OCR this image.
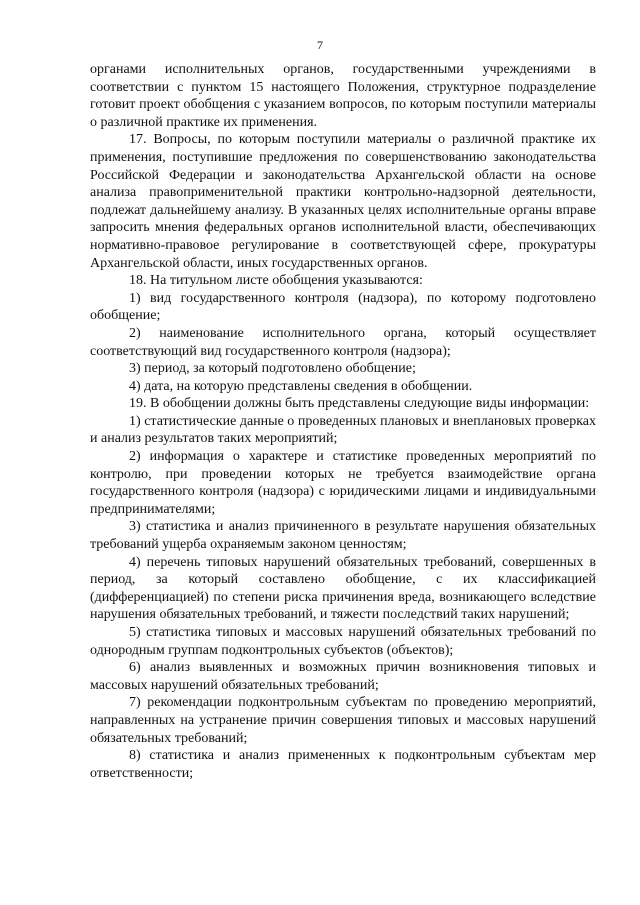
7

органами исполнительных органов, государственными учреждениями в соответствии с пунктом 15 настоящего Положения, структурное подразделение готовит проект обобщения с указанием вопросов, по которым поступили материалы о различной практике их применения.

17. Вопросы, по которым поступили материалы о различной практике их применения, поступившие предложения по совершенствованию законодательства Российской Федерации и законодательства Архангельской области на основе анализа правоприменительной практики контрольно-надзорной деятельности, подлежат дальнейшему анализу. В указанных целях исполнительные органы вправе запросить мнения федеральных органов исполнительной власти, обеспечивающих нормативно-правовое регулирование в соответствующей сфере, прокуратуры Архангельской области, иных государственных органов.

18. На титульном листе обобщения указываются:

1) вид государственного контроля (надзора), по которому подготовлено обобщение;

2) наименование исполнительного органа, который осуществляет соответствующий вид государственного контроля (надзора);

3) период, за который подготовлено обобщение;

4) дата, на которую представлены сведения в обобщении.

19. В обобщении должны быть представлены следующие виды информации:

1) статистические данные о проведенных плановых и внеплановых проверках и анализ результатов таких мероприятий;

2) информация о характере и статистике проведенных мероприятий по контролю, при проведении которых не требуется взаимодействие органа государственного контроля (надзора) с юридическими лицами и индивидуальными предпринимателями;

3) статистика и анализ причиненного в результате нарушения обязательных требований ущерба охраняемым законом ценностям;

4) перечень типовых нарушений обязательных требований, совершенных в период, за который составлено обобщение, с их классификацией (дифференциацией) по степени риска причинения вреда, возникающего вследствие нарушения обязательных требований, и тяжести последствий таких нарушений;

5) статистика типовых и массовых нарушений обязательных требований по однородным группам подконтрольных субъектов (объектов);

6) анализ выявленных и возможных причин возникновения типовых и массовых нарушений обязательных требований;

7) рекомендации подконтрольным субъектам по проведению мероприятий, направленных на устранение причин совершения типовых и массовых нарушений обязательных требований;

8) статистика и анализ примененных к подконтрольным субъектам мер ответственности;
